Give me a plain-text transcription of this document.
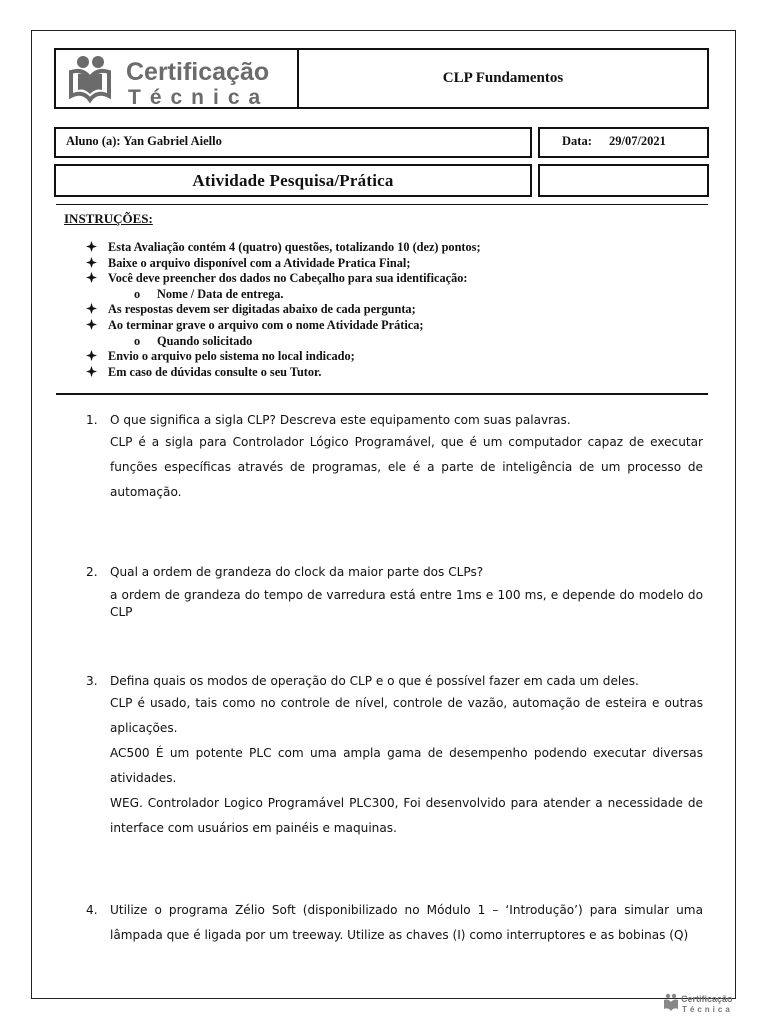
Certificação
Técnica
CLP Fundamentos
Aluno (a): Yan Gabriel Aiello	Data: 29/07/2021
Atividade Pesquisa/Prática
INSTRUÇÕES:
Esta Avaliação contém 4 (quatro) questões, totalizando 10 (dez) pontos;
Baixe o arquivo disponível com a Atividade Pratica Final;
Você deve preencher dos dados no Cabeçalho para sua identificação:
o	Nome / Data de entrega.
As respostas devem ser digitadas abaixo de cada pergunta;
Ao terminar grave o arquivo com o nome Atividade Prática;
o	Quando solicitado
Envio o arquivo pelo sistema no local indicado;
Em caso de dúvidas consulte o seu Tutor.
1.	O que significa a sigla CLP? Descreva este equipamento com suas palavras.

CLP é a sigla para Controlador Lógico Programável, que é um computador capaz de executar funções específicas através de programas, ele é a parte de inteligência de um processo de automação.

2.	Qual a ordem de grandeza do clock da maior parte dos CLPs?

a ordem de grandeza do tempo de varredura está entre 1ms e 100 ms, e depende do modelo do CLP

3.	Defina quais os modos de operação do CLP e o que é possível fazer em cada um deles.

CLP é usado, tais como no controle de nível, controle de vazão, automação de esteira e outras aplicações.

AC500 É um potente PLC com uma ampla gama de desempenho podendo executar diversas atividades.

WEG. Controlador Logico Programável PLC300, Foi desenvolvido para atender a necessidade de interface com usuários em painéis e maquinas.

4.	Utilize o programa Zélio Soft (disponibilizado no Módulo 1 – ‘Introdução’) para simular uma lâmpada que é ligada por um treeway. Utilize as chaves (I) como interruptores e as bobinas (Q)
Certificação
Técnica
